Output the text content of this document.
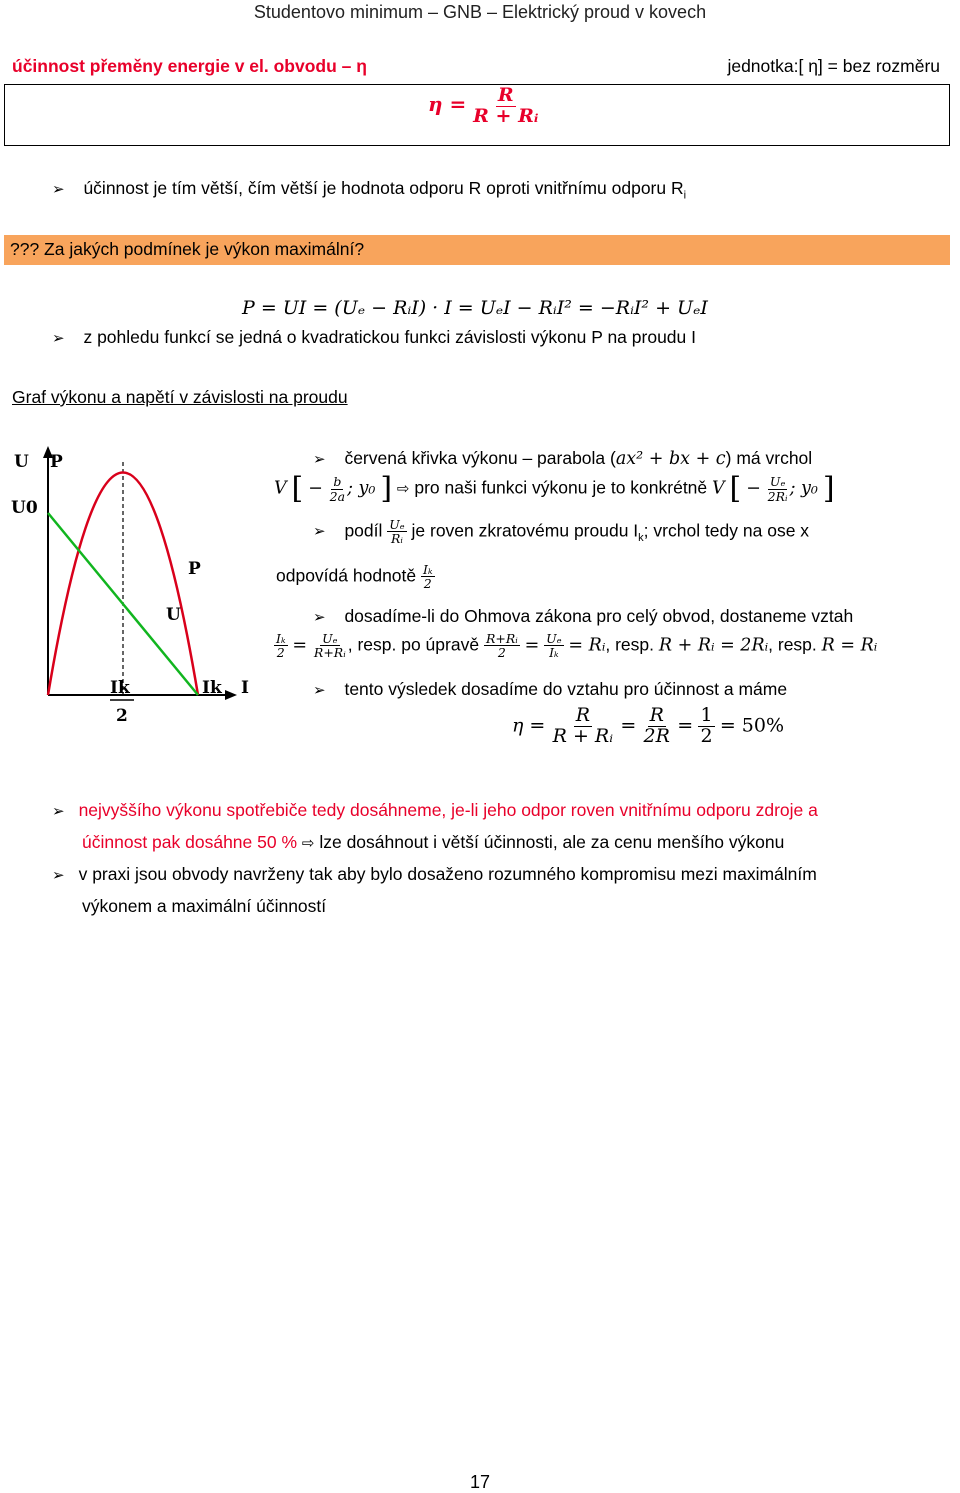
Studentovo minimum – GNB – Elektrický proud v kovech
účinnost přeměny energie v el. obvodu – η	jednotka:[ η] = bez rozměru
$\eta = \frac{R}{\text{R + Rᵢ}}$
➢ účinnost je tím větší, čím větší je hodnota odporu R oproti vnitřnímu odporu $R_i$
??? Za jakých podmínek je výkon maximální?
P = UI = (Uₑ − RᵢI) · I = UₑI − RᵢI² = −RᵢI² + UₑI
➢ z pohledu funkcí se jedná o kvadratickou funkci závislosti výkonu P na proudu I
Graf výkonu a napětí v závislosti na proudu
U P
U0
P
U
I
Ik
Ik
2
➢ červená křivka výkonu – parabola (ax² + bx + c) má vrchol
V [ − $\frac{b}{2a}$ ; y₀ ] ⇨ pro naši funkci výkonu je to konkrétně V [ − $\frac{\text{Uₑ}}{\text{2Rᵢ}}$ ; y₀ ]
➢ podíl $\frac{\text{Uₑ}}{\text{Rᵢ}}$ je roven zkratovému proudu $I_k$; vrchol tedy na ose x
odpovídá hodnotě $\frac{\text{Iₖ}}{2}$
➢ dosadíme-li do Ohmova zákona pro celý obvod, dostaneme vztah
$\frac{\text{Iₖ}}{2} = \frac{\text{Uₑ}}{\text{R+Rᵢ}}$ , resp. po úpravě $\frac{\text{R+Rᵢ}}{2} = \frac{\text{Uₑ}}{\text{Iₖ}}$ = Rᵢ, resp. R + Rᵢ = 2Rᵢ, resp. R = Rᵢ
➢ tento výsledek dosadíme do vztahu pro účinnost a máme
$\eta = \frac{R}{\text{R + Rᵢ}} = \frac{R}{2R} = \frac{1}{2} = 50\%$
➢ nejvyššího výkonu spotřebiče tedy dosáhneme, je-li jeho odpor roven vnitřnímu odporu zdroje a
účinnost pak dosáhne 50 % ⇨ lze dosáhnout i větší účinnosti, ale za cenu menšího výkonu
➢ v praxi jsou obvody navrženy tak aby bylo dosaženo rozumného kompromisu mezi maximálním
výkonem a maximální účinností
17
